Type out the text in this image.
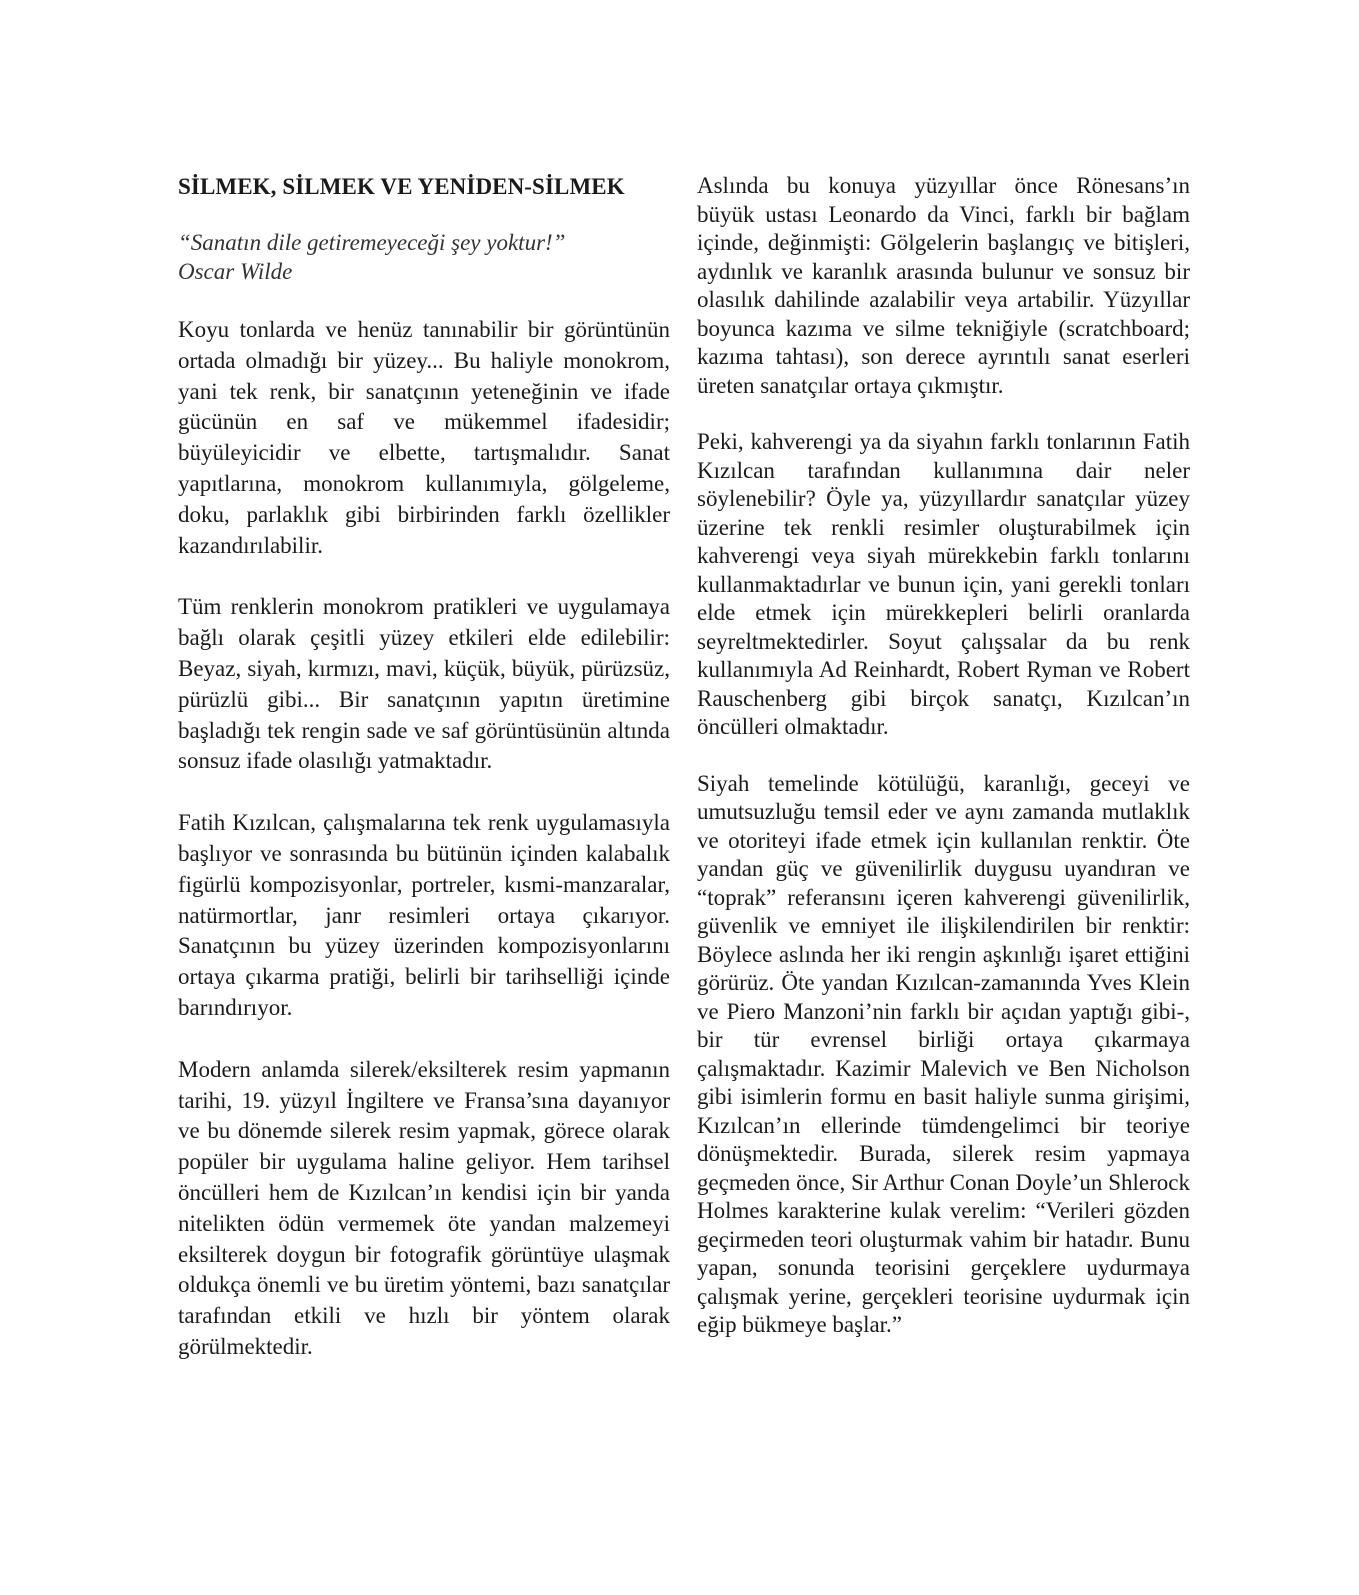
SİLMEK, SİLMEK VE YENİDEN-SİLMEK
“Sanatın dile getiremeyeceği şey yoktur!”
Oscar Wilde

Koyu tonlarda ve henüz tanınabilir bir görüntünün ortada olmadığı bir yüzey... Bu haliyle monokrom, yani tek renk, bir sanatçının yeteneğinin ve ifade gücünün en saf ve mükemmel ifadesidir; büyüleyicidir ve elbette, tartışmalıdır. Sanat yapıtlarına, monokrom kullanımıyla, gölgeleme, doku, parlaklık gibi birbirinden farklı özellikler kazandırılabilir.

Tüm renklerin monokrom pratikleri ve uygulamaya bağlı olarak çeşitli yüzey etkileri elde edilebilir: Beyaz, siyah, kırmızı, mavi, küçük, büyük, pürüzsüz, pürüzlü gibi... Bir sanatçının yapıtın üretimine başladığı tek rengin sade ve saf görüntüsünün altında sonsuz ifade olasılığı yatmaktadır.

Fatih Kızılcan, çalışmalarına tek renk uygulamasıyla başlıyor ve sonrasında bu bütünün içinden kalabalık figürlü kompozisyonlar, portreler, kısmi-manzaralar, natürmortlar, janr resimleri ortaya çıkarıyor. Sanatçının bu yüzey üzerinden kompozisyonlarını ortaya çıkarma pratiği, belirli bir tarihselliği içinde barındırıyor.

Modern anlamda silerek/eksilterek resim yapmanın tarihi, 19. yüzyıl İngiltere ve Fransa’sına dayanıyor ve bu dönemde silerek resim yapmak, görece olarak popüler bir uygulama haline geliyor. Hem tarihsel öncülleri hem de Kızılcan’ın kendisi için bir yanda nitelikten ödün vermemek öte yandan malzemeyi eksilterek doygun bir fotografik görüntüye ulaşmak oldukça önemli ve bu üretim yöntemi, bazı sanatçılar tarafından etkili ve hızlı bir yöntem olarak görülmektedir.

Aslında bu konuya yüzyıllar önce Rönesans’ın büyük ustası Leonardo da Vinci, farklı bir bağlam içinde, değinmişti: Gölgelerin başlangıç ve bitişleri, aydınlık ve karanlık arasında bulunur ve sonsuz bir olasılık dahilinde azalabilir veya artabilir. Yüzyıllar boyunca kazıma ve silme tekniğiyle (scratchboard; kazıma tahtası), son derece ayrıntılı sanat eserleri üreten sanatçılar ortaya çıkmıştır.

Peki, kahverengi ya da siyahın farklı tonlarının Fatih Kızılcan tarafından kullanımına dair neler söylenebilir? Öyle ya, yüzyıllardır sanatçılar yüzey üzerine tek renkli resimler oluşturabilmek için kahverengi veya siyah mürekkebin farklı tonlarını kullanmaktadırlar ve bunun için, yani gerekli tonları elde etmek için mürekkepleri belirli oranlarda seyreltmektedirler. Soyut çalışsalar da bu renk kullanımıyla Ad Reinhardt, Robert Ryman ve Robert Rauschenberg gibi birçok sanatçı, Kızılcan’ın öncülleri olmaktadır.

Siyah temelinde kötülüğü, karanlığı, geceyi ve umutsuzluğu temsil eder ve aynı zamanda mutlaklık ve otoriteyi ifade etmek için kullanılan renktir. Öte yandan güç ve güvenilirlik duygusu uyandıran ve “toprak” referansını içeren kahverengi güvenilirlik, güvenlik ve emniyet ile ilişkilendirilen bir renktir: Böylece aslında her iki rengin aşkınlığı işaret ettiğini görürüz. Öte yandan Kızılcan-zamanında Yves Klein ve Piero Manzoni’nin farklı bir açıdan yaptığı gibi-, bir tür evrensel birliği ortaya çıkarmaya çalışmaktadır. Kazimir Malevich ve Ben Nicholson gibi isimlerin formu en basit haliyle sunma girişimi, Kızılcan’ın ellerinde tümdengelimci bir teoriye dönüşmektedir. Burada, silerek resim yapmaya geçmeden önce, Sir Arthur Conan Doyle’un Shlerock Holmes karakterine kulak verelim: “Verileri gözden geçirmeden teori oluşturmak vahim bir hatadır. Bunu yapan, sonunda teorisini gerçeklere uydurmaya çalışmak yerine, gerçekleri teorisine uydurmak için eğip bükmeye başlar.”
